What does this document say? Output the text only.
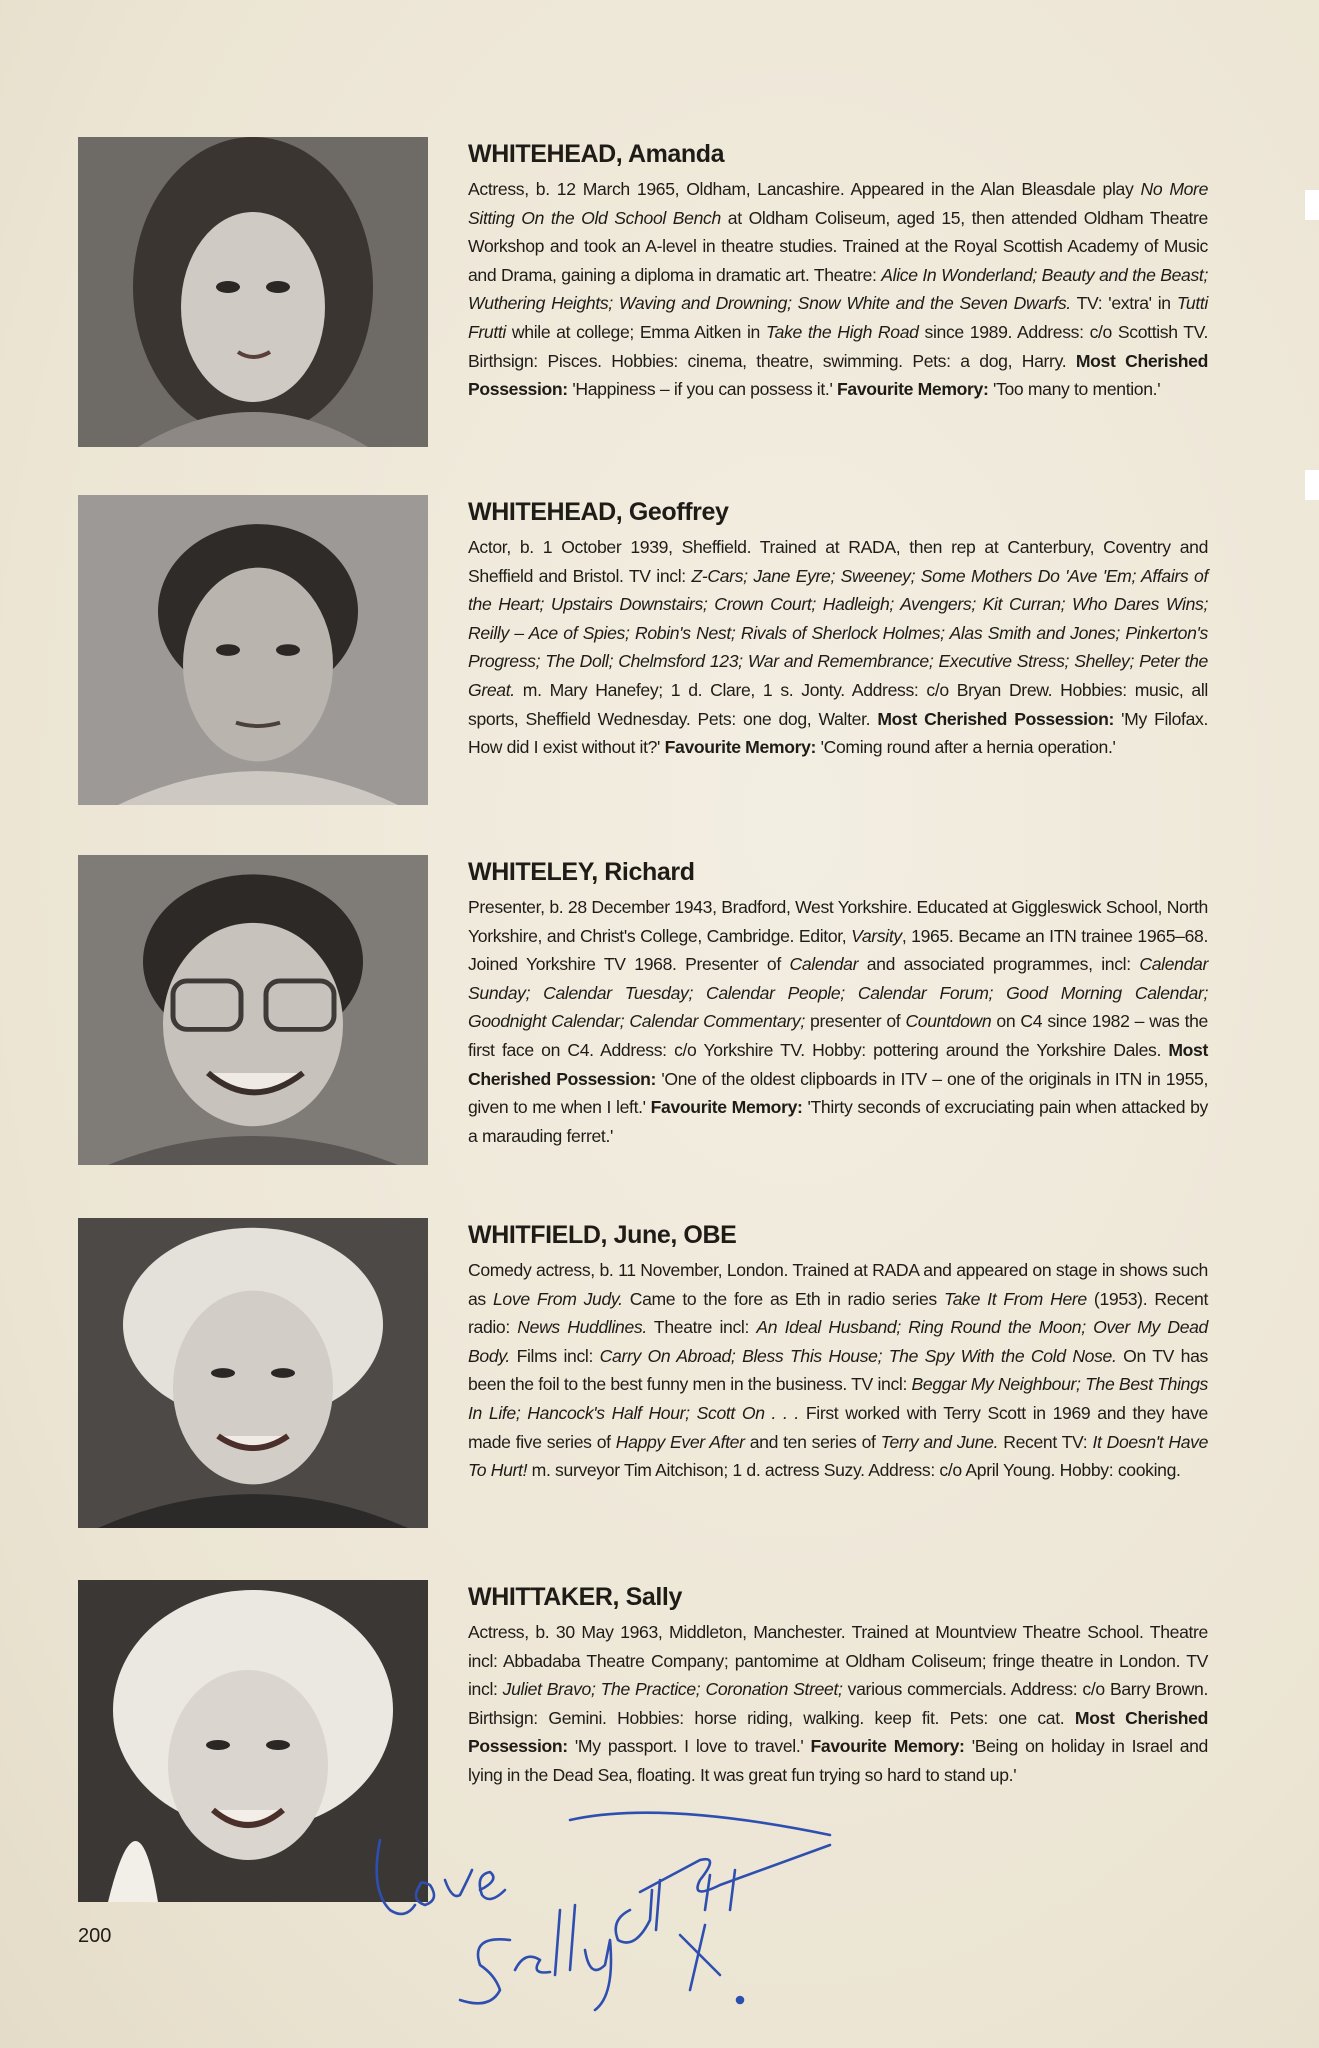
WHITEHEAD, Amanda

Actress, b. 12 March 1965, Oldham, Lancashire. Appeared in the Alan Bleasdale play No More Sitting On the Old School Bench at Oldham Coliseum, aged 15, then attended Oldham Theatre Workshop and took an A-level in theatre studies. Trained at the Royal Scottish Academy of Music and Drama, gaining a diploma in dramatic art. Theatre: Alice In Wonderland; Beauty and the Beast; Wuthering Heights; Waving and Drowning; Snow White and the Seven Dwarfs. TV: 'extra' in Tutti Frutti while at college; Emma Aitken in Take the High Road since 1989. Address: c/o Scottish TV. Birthsign: Pisces. Hobbies: cinema, theatre, swimming. Pets: a dog, Harry. Most Cherished Possession: 'Happiness – if you can possess it.' Favourite Memory: 'Too many to mention.'

WHITEHEAD, Geoffrey

Actor, b. 1 October 1939, Sheffield. Trained at RADA, then rep at Canterbury, Coventry and Sheffield and Bristol. TV incl: Z-Cars; Jane Eyre; Sweeney; Some Mothers Do 'Ave 'Em; Affairs of the Heart; Upstairs Downstairs; Crown Court; Hadleigh; Avengers; Kit Curran; Who Dares Wins; Reilly – Ace of Spies; Robin's Nest; Rivals of Sherlock Holmes; Alas Smith and Jones; Pinkerton's Progress; The Doll; Chelmsford 123; War and Remembrance; Executive Stress; Shelley; Peter the Great. m. Mary Hanefey; 1 d. Clare, 1 s. Jonty. Address: c/o Bryan Drew. Hobbies: music, all sports, Sheffield Wednesday. Pets: one dog, Walter. Most Cherished Possession: 'My Filofax. How did I exist without it?' Favourite Memory: 'Coming round after a hernia operation.'

WHITELEY, Richard

Presenter, b. 28 December 1943, Bradford, West Yorkshire. Educated at Giggleswick School, North Yorkshire, and Christ's College, Cambridge. Editor, Varsity, 1965. Became an ITN trainee 1965–68. Joined Yorkshire TV 1968. Presenter of Calendar and associated programmes, incl: Calendar Sunday; Calendar Tuesday; Calendar People; Calendar Forum; Good Morning Calendar; Goodnight Calendar; Calendar Commentary; presenter of Countdown on C4 since 1982 – was the first face on C4. Address: c/o Yorkshire TV. Hobby: pottering around the Yorkshire Dales. Most Cherished Possession: 'One of the oldest clipboards in ITV – one of the originals in ITN in 1955, given to me when I left.' Favourite Memory: 'Thirty seconds of excruciating pain when attacked by a marauding ferret.'

WHITFIELD, June, OBE

Comedy actress, b. 11 November, London. Trained at RADA and appeared on stage in shows such as Love From Judy. Came to the fore as Eth in radio series Take It From Here (1953). Recent radio: News Huddlines. Theatre incl: An Ideal Husband; Ring Round the Moon; Over My Dead Body. Films incl: Carry On Abroad; Bless This House; The Spy With the Cold Nose. On TV has been the foil to the best funny men in the business. TV incl: Beggar My Neighbour; The Best Things In Life; Hancock's Half Hour; Scott On . . . First worked with Terry Scott in 1969 and they have made five series of Happy Ever After and ten series of Terry and June. Recent TV: It Doesn't Have To Hurt! m. surveyor Tim Aitchison; 1 d. actress Suzy. Address: c/o April Young. Hobby: cooking.

WHITTAKER, Sally

Actress, b. 30 May 1963, Middleton, Manchester. Trained at Mountview Theatre School. Theatre incl: Abbadaba Theatre Company; pantomime at Oldham Coliseum; fringe theatre in London. TV incl: Juliet Bravo; The Practice; Coronation Street; various commercials. Address: c/o Barry Brown. Birthsign: Gemini. Hobbies: horse riding, walking. keep fit. Pets: one cat. Most Cherished Possession: 'My passport. I love to travel.' Favourite Memory: 'Being on holiday in Israel and lying in the Dead Sea, floating. It was great fun trying so hard to stand up.'

200
